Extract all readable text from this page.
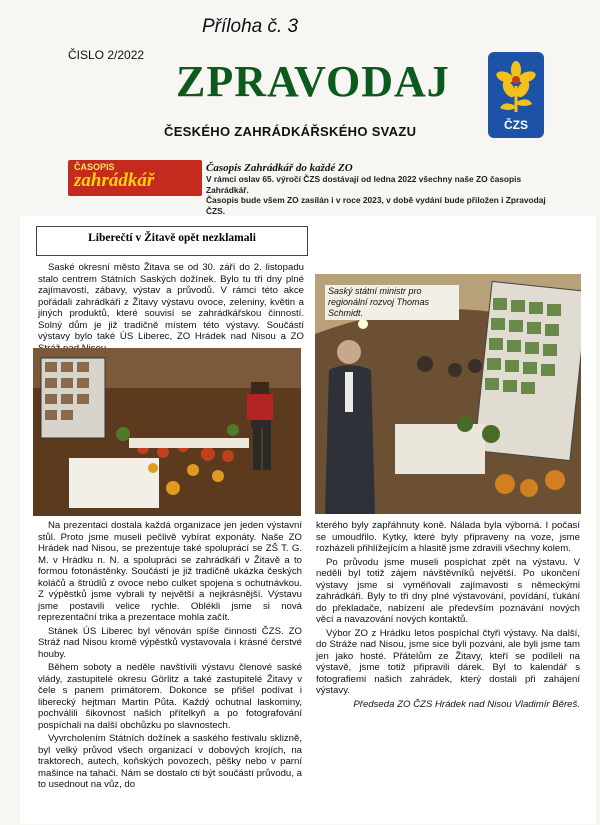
Příloha č. 3
ČISLO 2/2022
ZPRAVODAJ
ČESKÉHO ZAHRÁDKÁŘSKÉHO SVAZU	ČZS
ČASOPIS
zahrádkář
Časopis Zahrádkář do každé ZO
V rámci oslav 65. výročí ČZS dostávají od ledna 2022 všechny naše ZO časopis Zahrádkář.
Časopis bude všem ZO zasílán i v roce 2023, v době vydání bude přiložen i Zpravodaj ČZS.
Liberečtí v Žitavě opět nezklamali

Saské okresní město Žitava se od 30. září do 2. listopadu stalo centrem Státních Saských dožínek. Bylo tu tři dny plné zajímavostí, zábavy, výstav a průvodů. V rámci této akce pořádali zahrádkáři z Žitavy výstavu ovoce, zeleniny, květin a jiných produktů, které souvisí se zahrádkářskou činností. Solný dům je již tradičně místem této výstavy. Součástí výstavy bylo také ÚS Liberec, ZO Hrádek nad Nisou a ZO

Saský státní ministr pro regionální rozvoj Thomas Schmidt.

Na prezentaci dostala každá organizace jen jeden výstavní stůl. Proto jsme museli pečlivě vybírat exponáty. Naše ZO Hrádek nad Nisou, se prezentuje také spoluprácí se ZŠ T. G. M. v Hrádku n. N. a spolupráci se zahrádkáři v Žitavě a to formou fotonástěnky. Součástí je již tradičně ukázka českých koláčů a štrúdlů z ovoce nebo culket spojena s ochutnávkou. Z výpěstků jsme vybrali ty největší a nejkrásnější. Výstavu jsme postavili velice rychle. Oblékli jsme si nová reprezentační trika a prezentace mohla začít.

Stánek ÚS Liberec byl věnován spíše činnosti ČZS. ZO Stráž nad Nisou kromě výpěstků vystavovala i krásné čerstvé houby.

Během soboty a neděle navštívili výstavu členové saské vlády, zastupitelé okresu Görlitz a také zastupitelé Žitavy v čele s panem primátorem. Dokonce se přišel podívat i liberecký hejtman Martin Půta. Každý ochutnal laskominy, pochválili šikovnost našich přítelkyň a po fotografování pospíchali na další obchůzku po slavnostech.

Vyvrcholením Státních dožínek a saského festivalu skliznĕ, byl velký průvod všech organizací v dobových krojích, na traktorech, autech, koňských povozech, pěšky nebo v parní mašince na tahači. Nám se dostalo cti být součástí průvodu, a to usednout na vůz, do

kterého byly zapřáhnuty koně. Nálada byla výborná. I počasí se umoudřilo. Kytky, které byly připraveny na voze, jsme rozházeli přihlížejícím a hlasitě jsme zdravili všechny kolem.

Po průvodu jsme museli pospíchat zpět na výstavu. V neděli byl totiž zájem návštěvníků největší. Po ukončení výstavy jsme si vyměňovali zajímavosti s německými zahrádkáři. Byly to tři dny plné výstavování, povídání, ťukání do překladače, nabízení ale především poznávání nových věcí a navazování nových kontaktů.

Výbor ZO z Hrádku letos pospíchal čtyři výstavy. Na další, do Stráže nad Nisou, jsme sice byli pozváni, ale byli jsme tam jen jako hosté. Přátelům ze Žitavy, kteří se podíleli na výstavě, jsme totiž připravili dárek. Byl to kalendář s fotografiemi našich zahrádek, který dostali při zahájení výstavy.

Předseda ZO ČZS Hrádek nad Nisou Vladimír Běreš.
